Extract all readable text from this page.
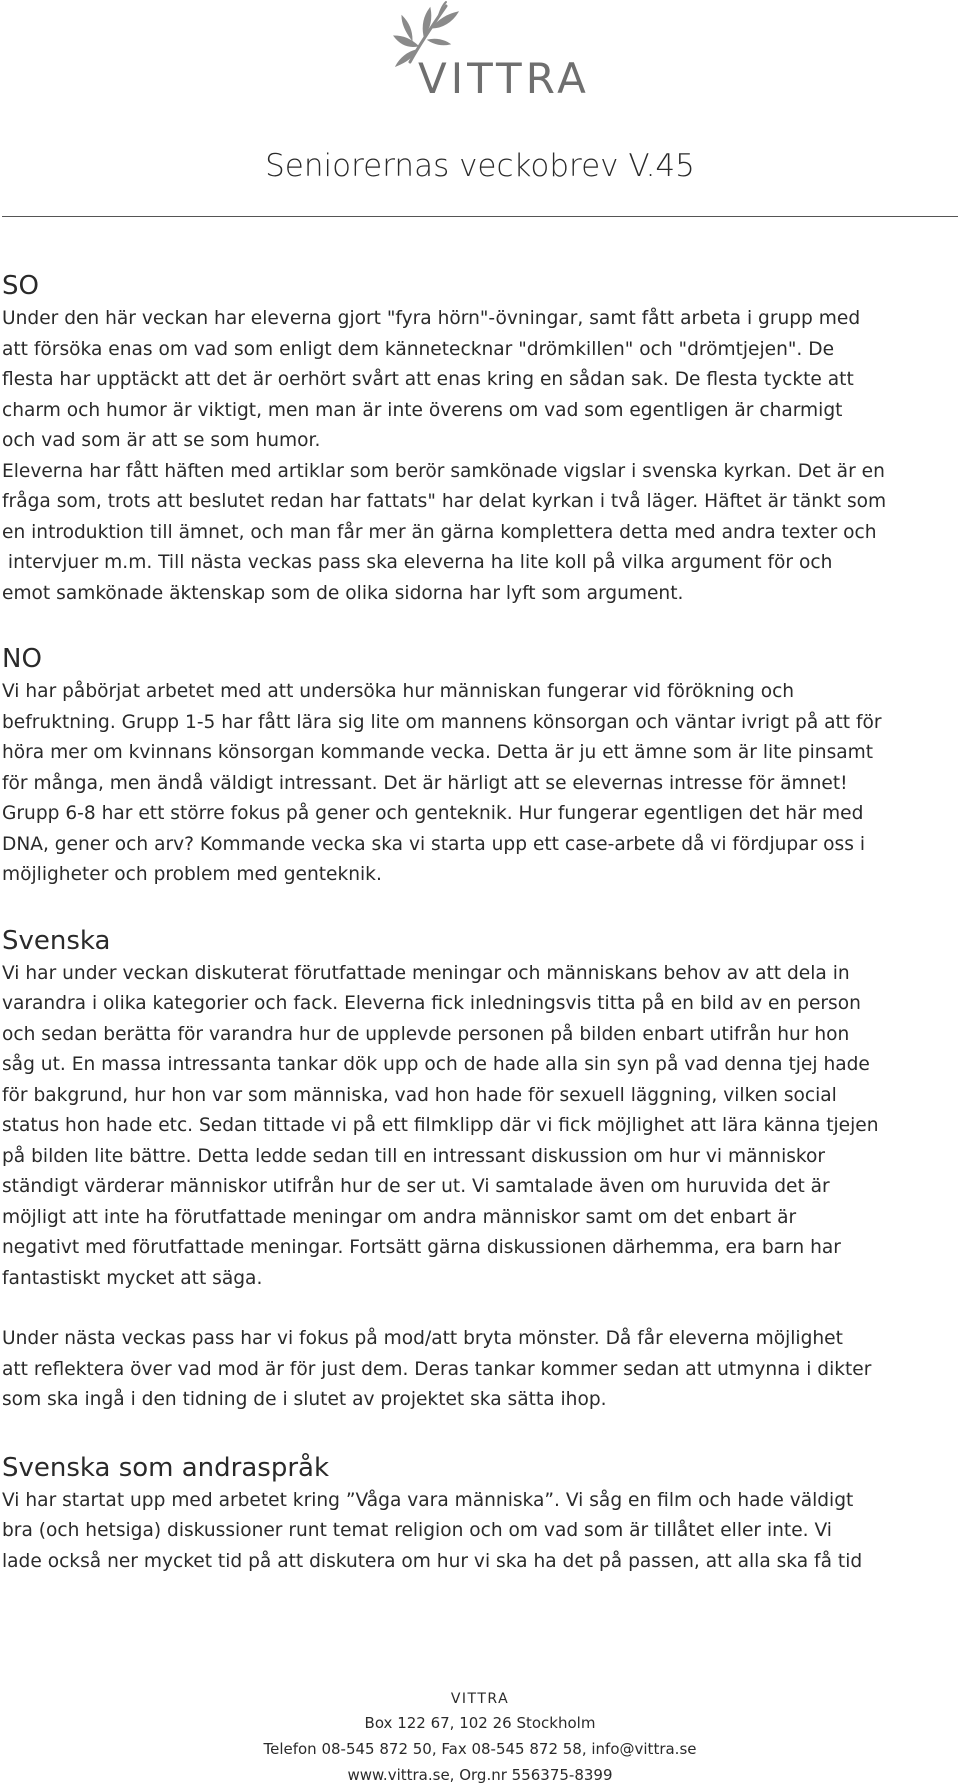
VITTRA
Seniorernas veckobrev V.45
SO

Under den här veckan har eleverna gjort "fyra hörn"-övningar, samt fått arbeta i grupp med

att försöka enas om vad som enligt dem kännetecknar "drömkillen" och "drömtjejen". De

flesta har upptäckt att det är oerhört svårt att enas kring en sådan sak. De flesta tyckte att

charm och humor är viktigt, men man är inte överens om vad som egentligen är charmigt

och vad som är att se som humor.

Eleverna har fått häften med artiklar som berör samkönade vigslar i svenska kyrkan. Det är en

fråga som, trots att beslutet redan har fattats" har delat kyrkan i två läger. Häftet är tänkt som

en introduktion till ämnet, och man får mer än gärna komplettera detta med andra texter och

intervjuer m.m. Till nästa veckas pass ska eleverna ha lite koll på vilka argument för och

emot samkönade äktenskap som de olika sidorna har lyft som argument.

NO

Vi har påbörjat arbetet med att undersöka hur människan fungerar vid förökning och

befruktning. Grupp 1-5 har fått lära sig lite om mannens könsorgan och väntar ivrigt på att för

höra mer om kvinnans könsorgan kommande vecka. Detta är ju ett ämne som är lite pinsamt

för många, men ändå väldigt intressant. Det är härligt att se elevernas intresse för ämnet!

Grupp 6-8 har ett större fokus på gener och genteknik. Hur fungerar egentligen det här med

DNA, gener och arv? Kommande vecka ska vi starta upp ett case-arbete då vi fördjupar oss i

möjligheter och problem med genteknik.

Svenska

Vi har under veckan diskuterat förutfattade meningar och människans behov av att dela in

varandra i olika kategorier och fack. Eleverna fick inledningsvis titta på en bild av en person

och sedan berätta för varandra hur de upplevde personen på bilden enbart utifrån hur hon

såg ut. En massa intressanta tankar dök upp och de hade alla sin syn på vad denna tjej hade

för bakgrund, hur hon var som människa, vad hon hade för sexuell läggning, vilken social

status hon hade etc. Sedan tittade vi på ett filmklipp där vi fick möjlighet att lära känna tjejen

på bilden lite bättre. Detta ledde sedan till en intressant diskussion om hur vi människor

ständigt värderar människor utifrån hur de ser ut. Vi samtalade även om huruvida det är

möjligt att inte ha förutfattade meningar om andra människor samt om det enbart är

negativt med förutfattade meningar. Fortsätt gärna diskussionen därhemma, era barn har

fantastiskt mycket att säga.

Under nästa veckas pass har vi fokus på mod/att bryta mönster. Då får eleverna möjlighet

att reflektera över vad mod är för just dem. Deras tankar kommer sedan att utmynna i dikter

som ska ingå i den tidning de i slutet av projektet ska sätta ihop.

Svenska som andraspråk

Vi har startat upp med arbetet kring ”Våga vara människa”. Vi såg en film och hade väldigt

bra (och hetsiga) diskussioner runt temat religion och om vad som är tillåtet eller inte. Vi

lade också ner mycket tid på att diskutera om hur vi ska ha det på passen, att alla ska få tid

VITTRA
Box 122 67, 102 26 Stockholm
Telefon 08-545 872 50, Fax 08-545 872 58, info@vittra.se
www.vittra.se, Org.nr 556375-8399
